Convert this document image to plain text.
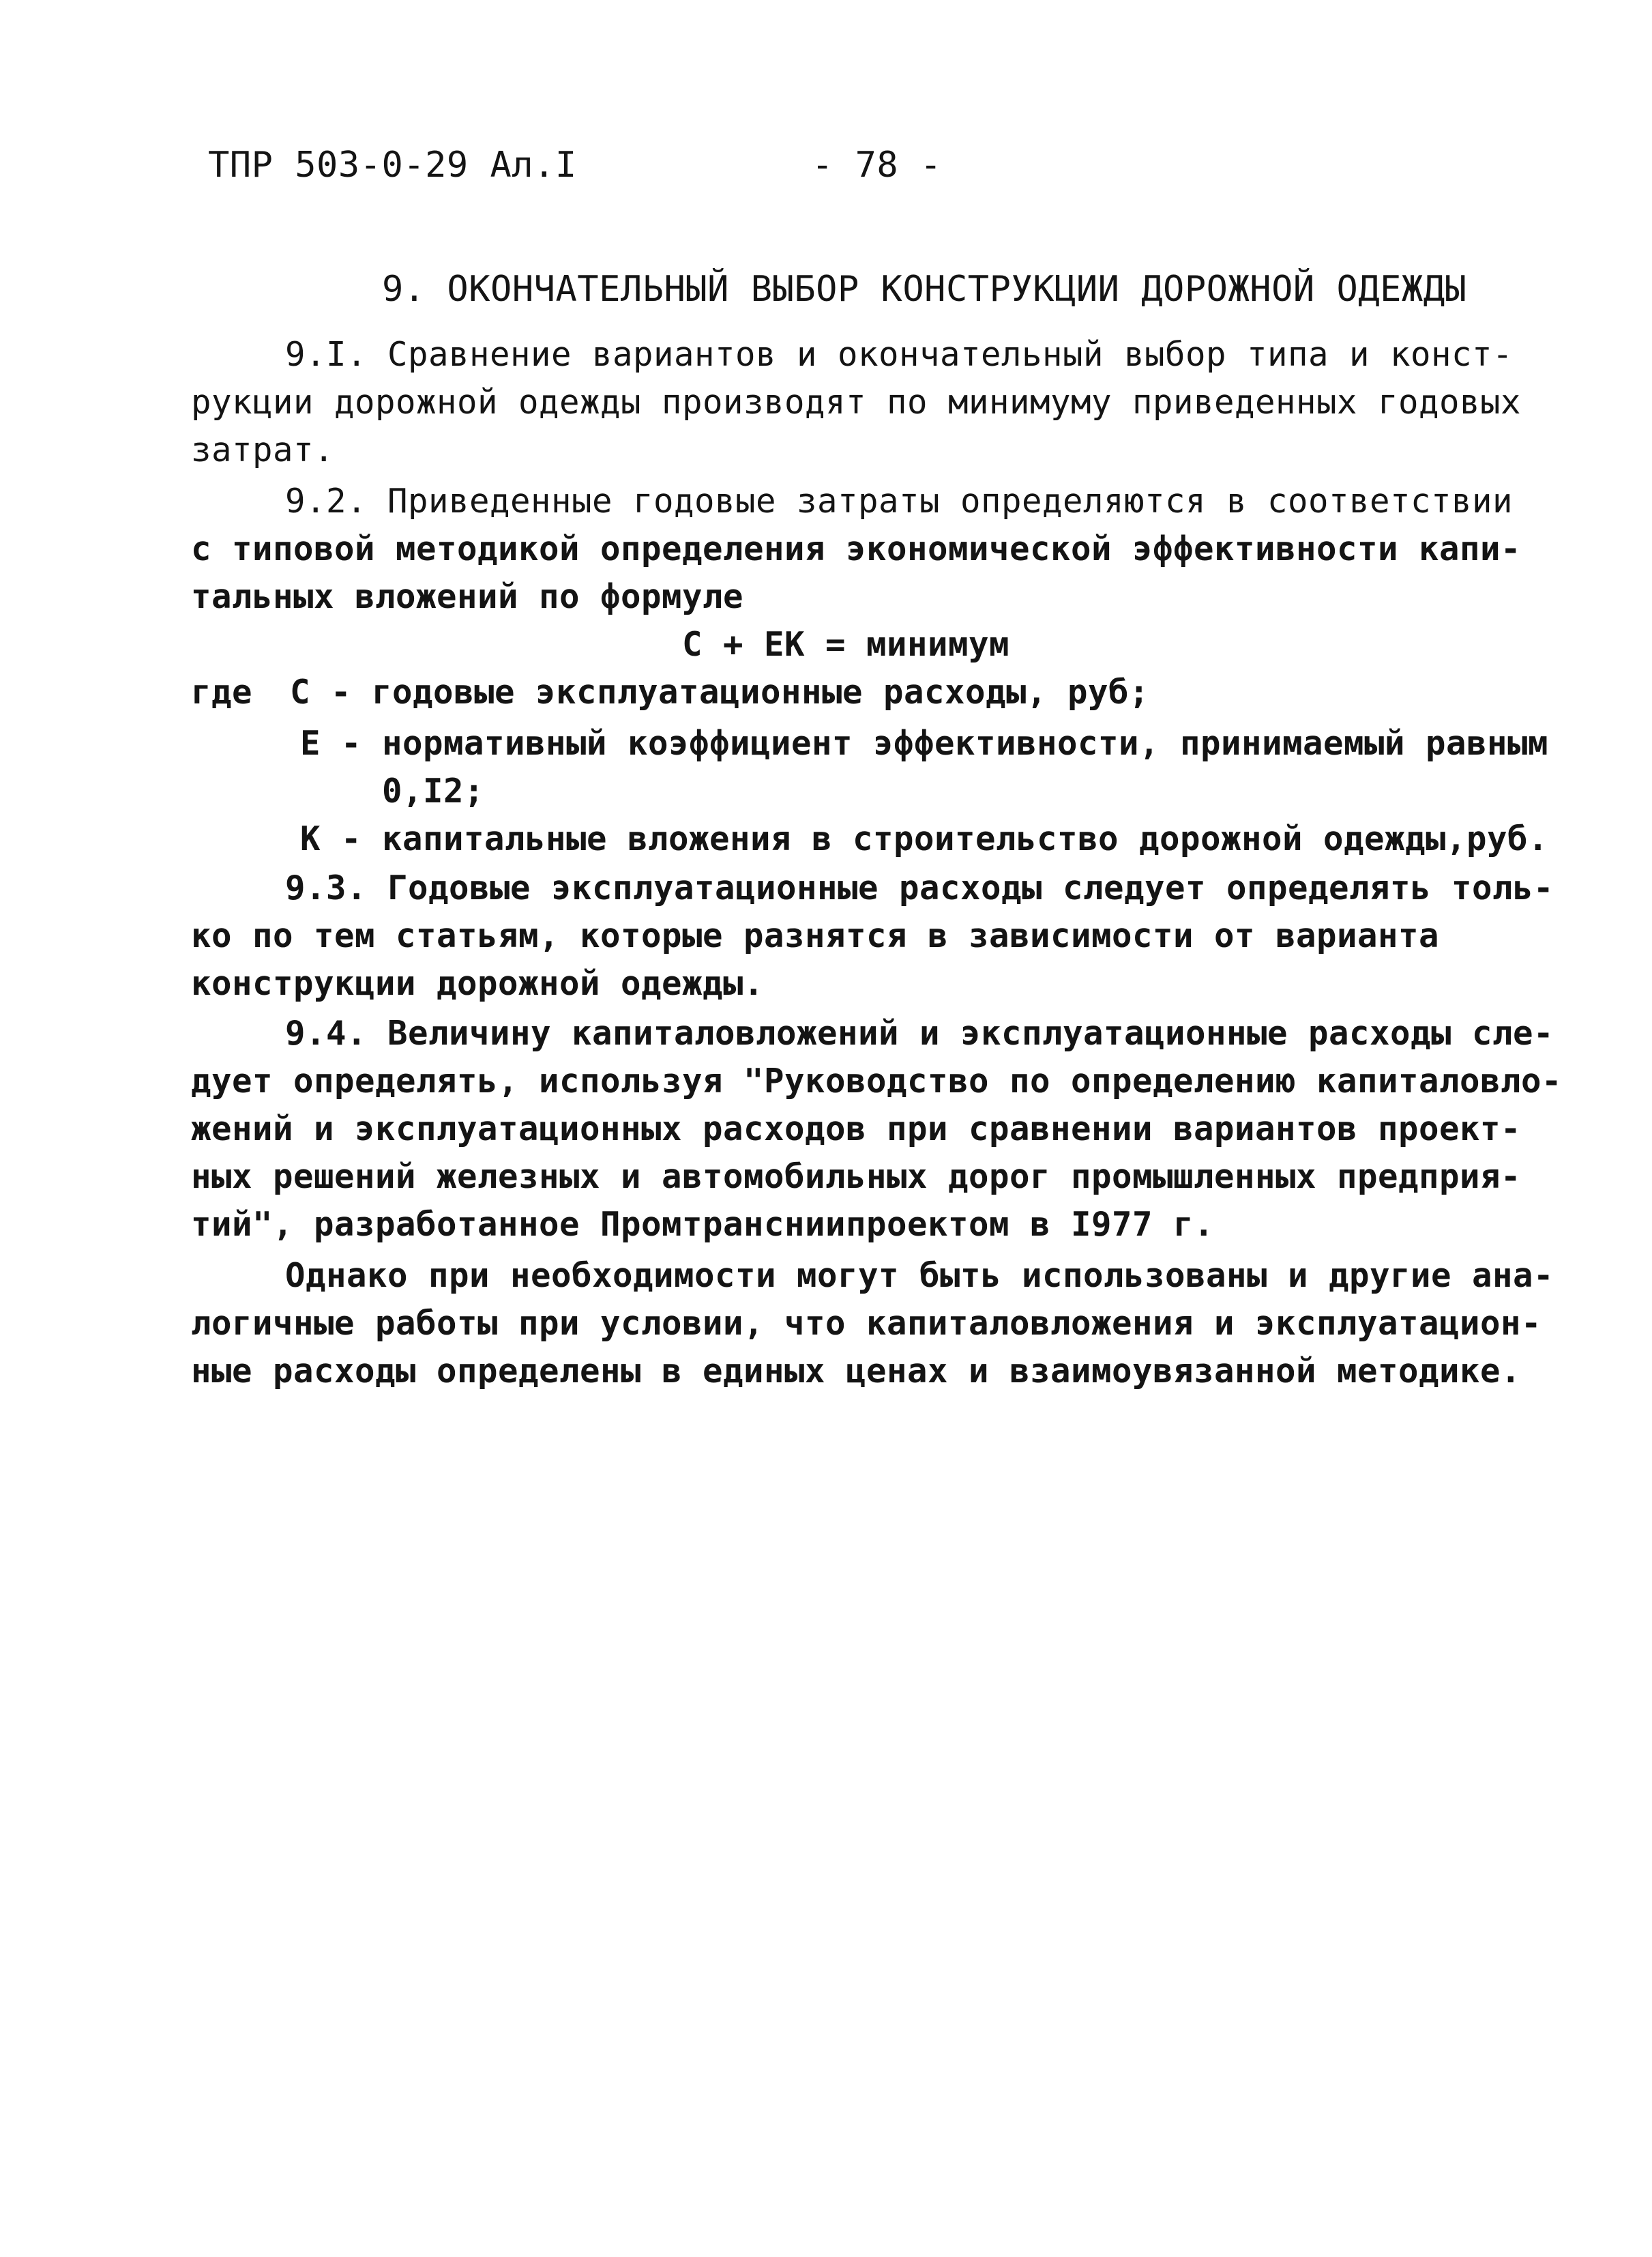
ТПР 503-0-29 Ал.I	- 78 -
9. ОКОНЧАТЕЛЬНЫЙ ВЫБОР КОНСТРУКЦИИ ДОРОЖНОЙ ОДЕЖДЫ
9.I. Сравнение вариантов и окончательный выбор типа и конст-
рукции дорожной одежды производят по минимуму приведенных годовых
затрат.
9.2. Приведенные годовые затраты определяются в соответствии
с типовой методикой определения экономической эффективности капи-
тальных вложений по формуле
С + ЕК = минимум
где С - годовые эксплуатационные расходы, руб;
Е - нормативный коэффициент эффективности, принимаемый равным
0,I2;
К - капитальные вложения в строительство дорожной одежды,руб.
9.3. Годовые эксплуатационные расходы следует определять толь-
ко по тем статьям, которые разнятся в зависимости от варианта
конструкции дорожной одежды.
9.4. Величину капиталовложений и эксплуатационные расходы сле-
дует определять, используя "Руководство по определению капиталовло-
жений и эксплуатационных расходов при сравнении вариантов проект-
ных решений железных и автомобильных дорог промышленных предприя-
тий", разработанное Промтрансниипроектом в I977 г.
Однако при необходимости могут быть использованы и другие ана-
логичные работы при условии, что капиталовложения и эксплуатацион-
ные расходы определены в единых ценах и взаимоувязанной методике.
